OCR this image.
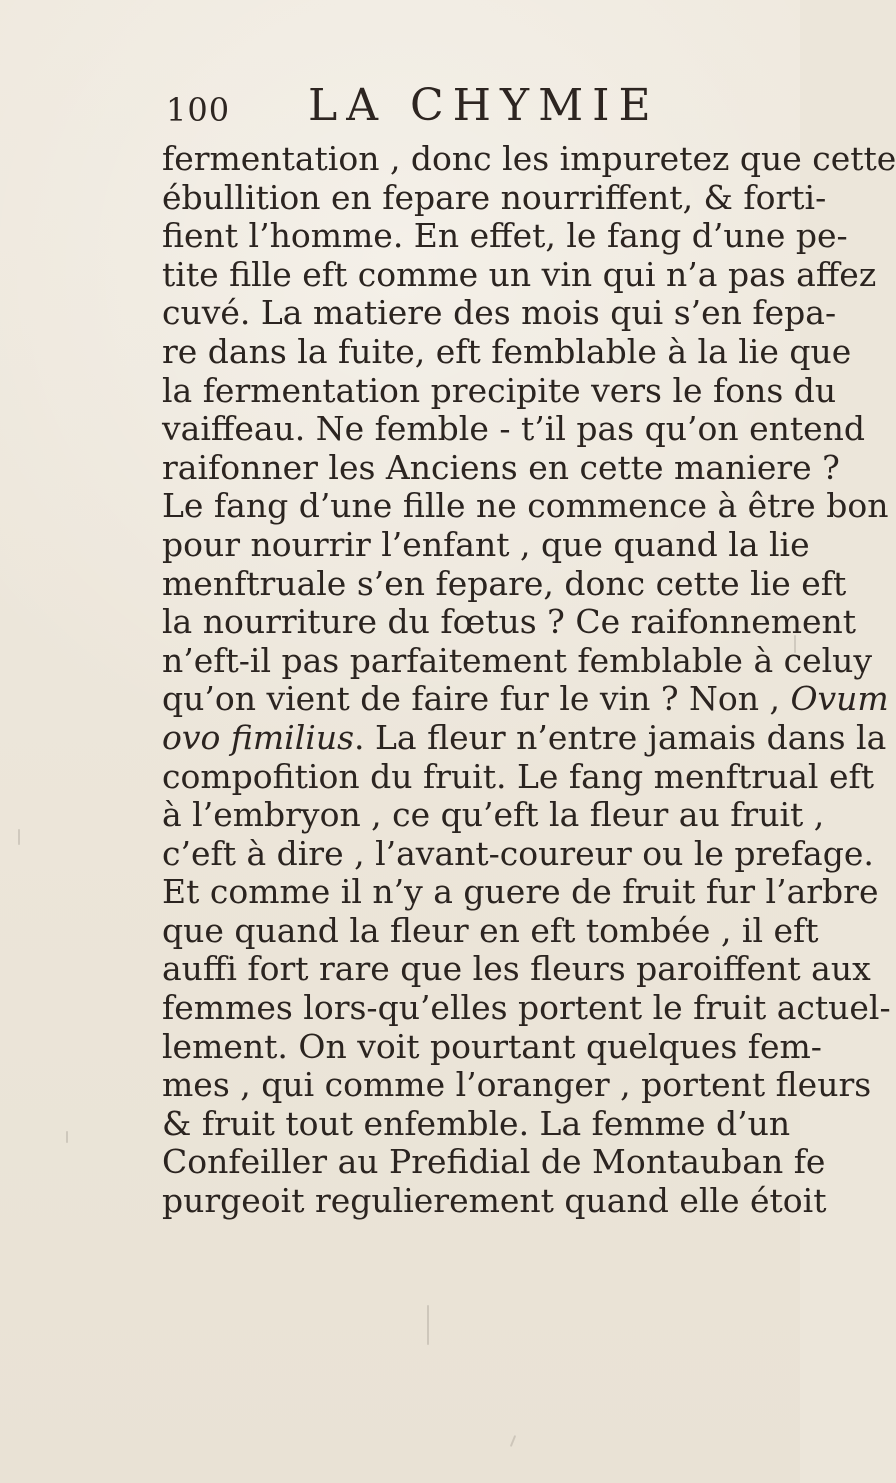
100 LA CHYMIE
fermentation , donc les impuretez que cette
ébullition en fepare nourriffent, & forti-
fient l’homme. En effet, le fang d’une pe-
tite fille eft comme un vin qui n’a pas affez
cuvé. La matiere des mois qui s’en fepa-
re dans la fuite, eft femblable à la lie que
la fermentation precipite vers le fons du
vaiffeau. Ne femble - t’il pas qu’on entend
raifonner les Anciens en cette maniere ?
Le fang d’une fille ne commence à être bon
pour nourrir l’enfant , que quand la lie
menftruale s’en fepare, donc cette lie eft
la nourriture du fœtus ? Ce raifonnement
n’eft-il pas parfaitement femblable à celuy
qu’on vient de faire fur le vin ? Non , Ovum
ovo fimilius. La fleur n’entre jamais dans la
compofition du fruit. Le fang menftrual eft
à l’embryon , ce qu’eft la fleur au fruit ,
c’eft à dire , l’avant-coureur ou le prefage.
Et comme il n’y a guere de fruit fur l’arbre
que quand la fleur en eft tombée , il eft
auffi fort rare que les fleurs paroiffent aux
femmes lors-qu’elles portent le fruit actuel-
lement. On voit pourtant quelques fem-
mes , qui comme l’oranger , portent fleurs
& fruit tout enfemble. La femme d’un
Confeiller au Prefidial de Montauban fe
purgeoit regulierement quand elle étoit
